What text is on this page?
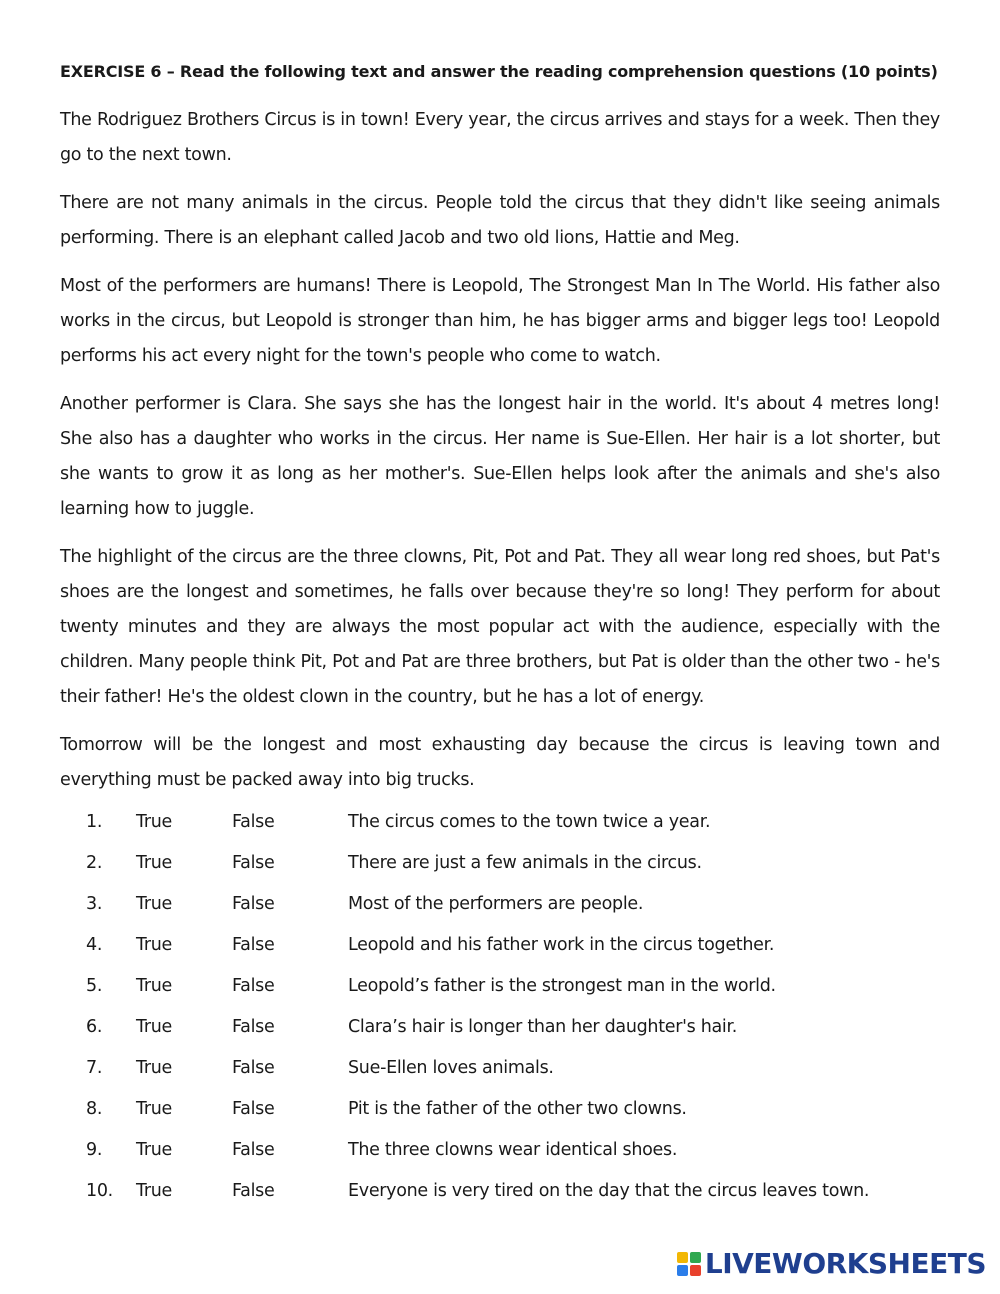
EXERCISE 6 – Read the following text and answer the reading comprehension questions (10 points)

The Rodriguez Brothers Circus is in town! Every year, the circus arrives and stays for a week. Then they go to the next town.

There are not many animals in the circus. People told the circus that they didn't like seeing animals performing. There is an elephant called Jacob and two old lions, Hattie and Meg.

Most of the performers are humans! There is Leopold, The Strongest Man In The World. His father also works in the circus, but Leopold is stronger than him, he has bigger arms and bigger legs too! Leopold performs his act every night for the town's people who come to watch.

Another performer is Clara. She says she has the longest hair in the world. It's about 4 metres long! She also has a daughter who works in the circus. Her name is Sue-Ellen. Her hair is a lot shorter, but she wants to grow it as long as her mother's. Sue-Ellen helps look after the animals and she's also learning how to juggle.

The highlight of the circus are the three clowns, Pit, Pot and Pat. They all wear long red shoes, but Pat's shoes are the longest and sometimes, he falls over because they're so long! They perform for about twenty minutes and they are always the most popular act with the audience, especially with the children. Many people think Pit, Pot and Pat are three brothers, but Pat is older than the other two - he's their father! He's the oldest clown in the country, but he has a lot of energy.

Tomorrow will be the longest and most exhausting day because the circus is leaving town and everything must be packed away into big trucks.

1.	True	False	The circus comes to the town twice a year.
2.	True	False	There are just a few animals in the circus.
3.	True	False	Most of the performers are people.
4.	True	False	Leopold and his father work in the circus together.
5.	True	False	Leopold’s father is the strongest man in the world.
6.	True	False	Clara’s hair is longer than her daughter's hair.
7.	True	False	Sue-Ellen loves animals.
8.	True	False	Pit is the father of the other two clowns.
9.	True	False	The three clowns wear identical shoes.
10.	True	False	Everyone is very tired on the day that the circus leaves town.
LIVEWORKSHEETS
